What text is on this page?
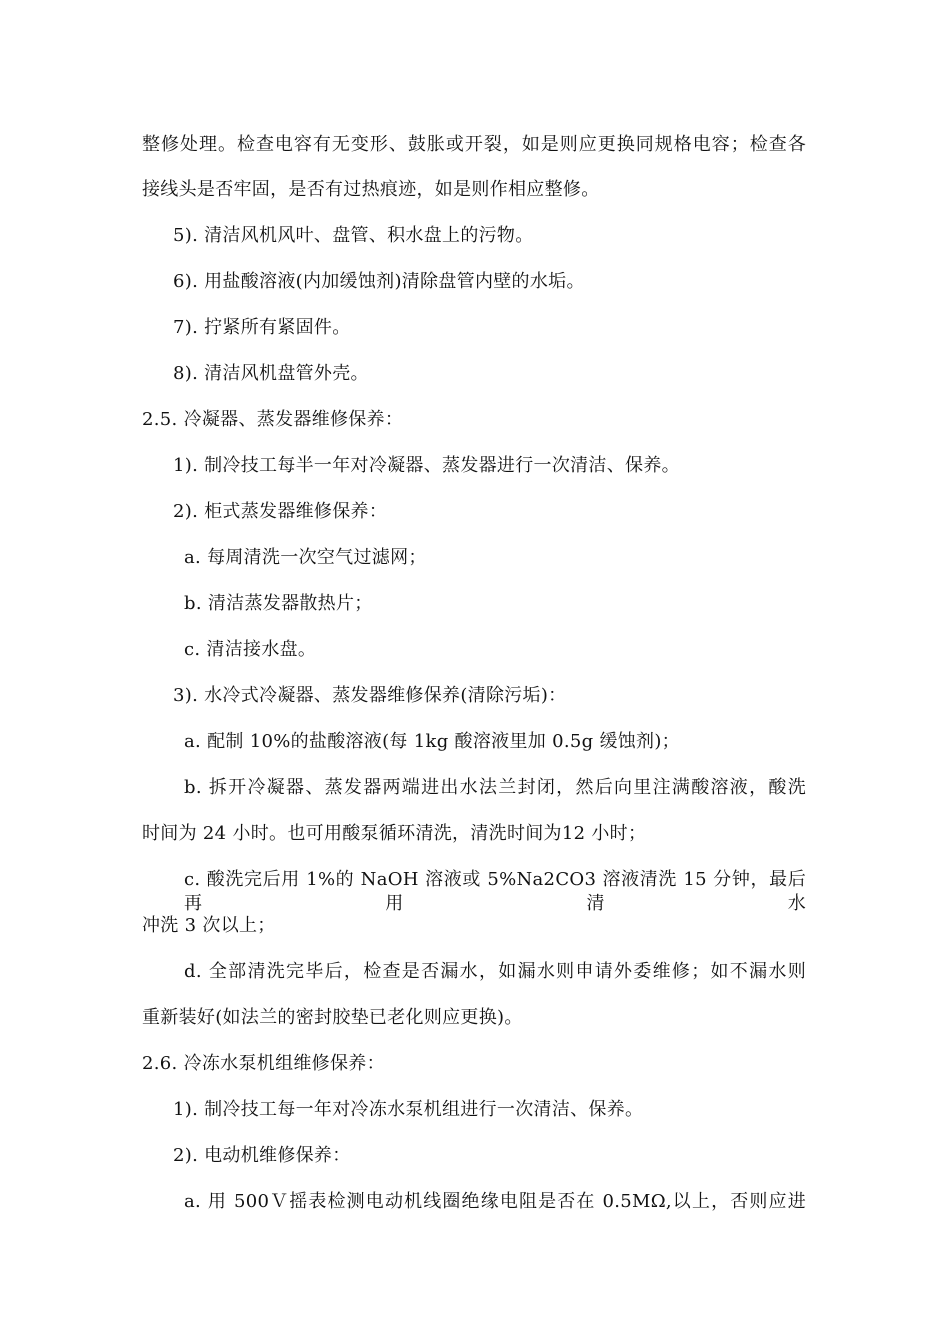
整修处理。检查电容有无变形、鼓胀或开裂，如是则应更换同规格电容；检查各
接线头是否牢固，是否有过热痕迹，如是则作相应整修。
5). 清洁风机风叶、盘管、积水盘上的污物。
6). 用盐酸溶液(内加缓蚀剂)清除盘管内壁的水垢。
7). 拧紧所有紧固件。
8). 清洁风机盘管外壳。
2.5. 冷凝器、蒸发器维修保养：
1). 制冷技工每半一年对冷凝器、蒸发器进行一次清洁、保养。
2). 柜式蒸发器维修保养：
a. 每周清洗一次空气过滤网；
b. 清洁蒸发器散热片；
c. 清洁接水盘。
3). 水冷式冷凝器、蒸发器维修保养(清除污垢)：
a. 配制 10%的盐酸溶液(每 1kg 酸溶液里加 0.5g 缓蚀剂)；
b. 拆开冷凝器、蒸发器两端进出水法兰封闭，然后向里注满酸溶液，酸洗
时间为 24 小时。也可用酸泵循环清洗，清洗时间为12 小时；
c. 酸洗完后用 1%的 NaOH 溶液或 5%Na2CO3 溶液清洗 15 分钟，最后再用清水
冲洗 3 次以上；
d. 全部清洗完毕后，检查是否漏水，如漏水则申请外委维修；如不漏水则
重新装好(如法兰的密封胶垫已老化则应更换)。
2.6. 冷冻水泵机组维修保养：
1). 制冷技工每一年对冷冻水泵机组进行一次清洁、保养。
2). 电动机维修保养：
a. 用 500Ｖ摇表检测电动机线圈绝缘电阻是否在 0.5MΩ,以上，否则应进
